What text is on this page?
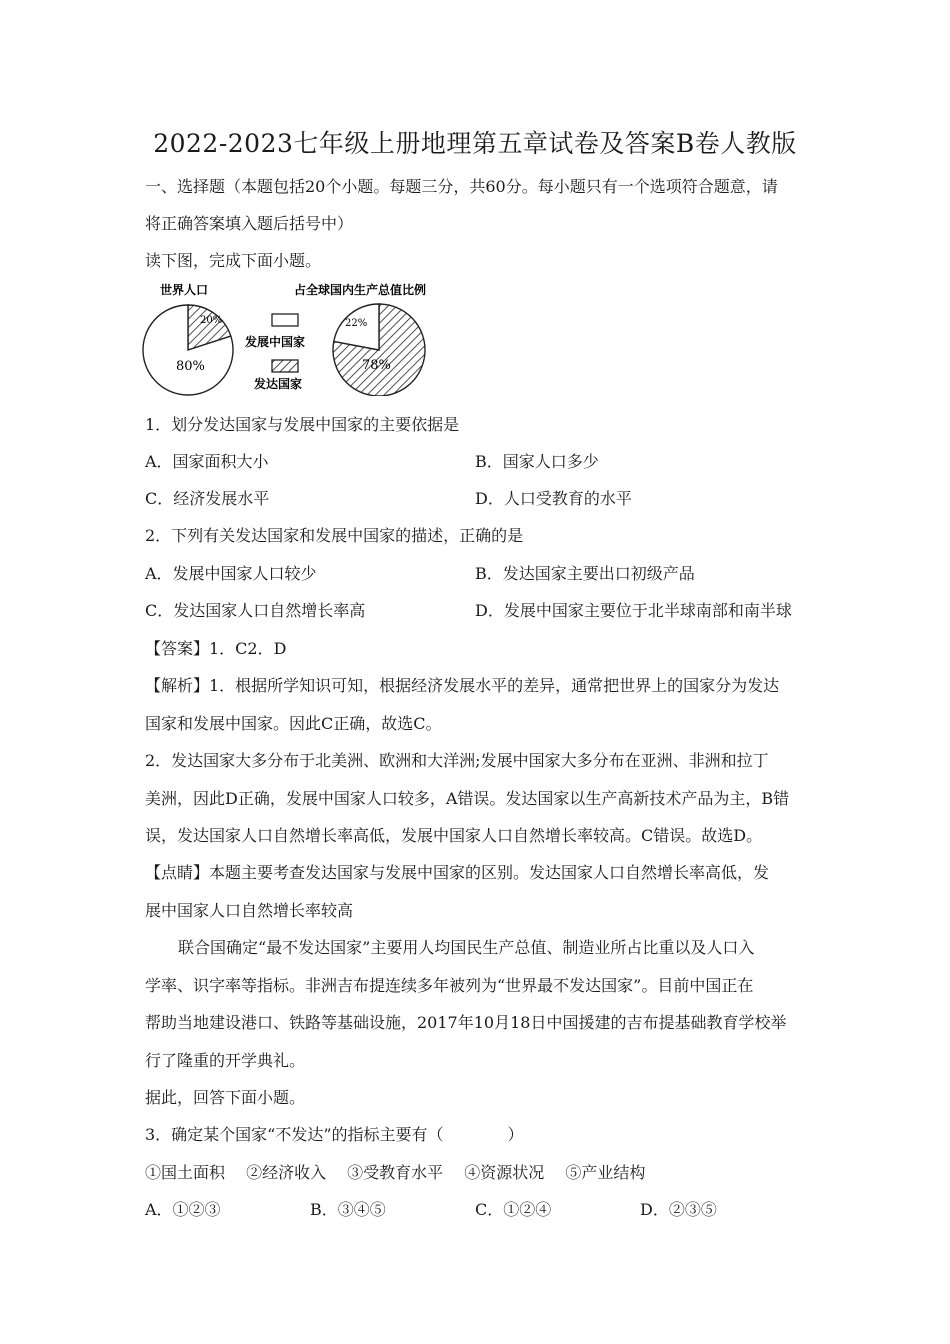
2022-2023七年级上册地理第五章试卷及答案B卷人教版
一、选择题（本题包括20个小题。每题三分，共60分。每小题只有一个选项符合题意，请
将正确答案填入题后括号中）
读下图，完成下面小题。
世界人口
发展中国家
发达国家
占全球国内生产总值比例
20%
80%
22%
78%
1．划分发达国家与发展中国家的主要依据是
A．国家面积大小	B．国家人口多少
C．经济发展水平	D．人口受教育的水平
2．下列有关发达国家和发展中国家的描述，正确的是
A．发展中国家人口较少	B．发达国家主要出口初级产品
C．发达国家人口自然增长率高	D．发展中国家主要位于北半球南部和南半球
【答案】1．C2．D
【解析】1．根据所学知识可知，根据经济发展水平的差异，通常把世界上的国家分为发达
国家和发展中国家。因此C正确，故选C。
2．发达国家大多分布于北美洲、欧洲和大洋洲;发展中国家大多分布在亚洲、非洲和拉丁
美洲，因此D正确，发展中国家人口较多，A错误。发达国家以生产高新技术产品为主，B错
误，发达国家人口自然增长率高低，发展中国家人口自然增长率较高。C错误。故选D。
【点睛】本题主要考查发达国家与发展中国家的区别。发达国家人口自然增长率高低，发
展中国家人口自然增长率较高
联合国确定“最不发达国家”主要用人均国民生产总值、制造业所占比重以及人口入
学率、识字率等指标。非洲吉布提连续多年被列为“世界最不发达国家”。目前中国正在
帮助当地建设港口、铁路等基础设施，2017年10月18日中国援建的吉布提基础教育学校举
行了隆重的开学典礼。
据此，回答下面小题。
3．确定某个国家“不发达”的指标主要有（　　　　）
①国土面积　 ②经济收入　 ③受教育水平　 ④资源状况　 ⑤产业结构
A．①②③	B．③④⑤	C．①②④	D．②③⑤
